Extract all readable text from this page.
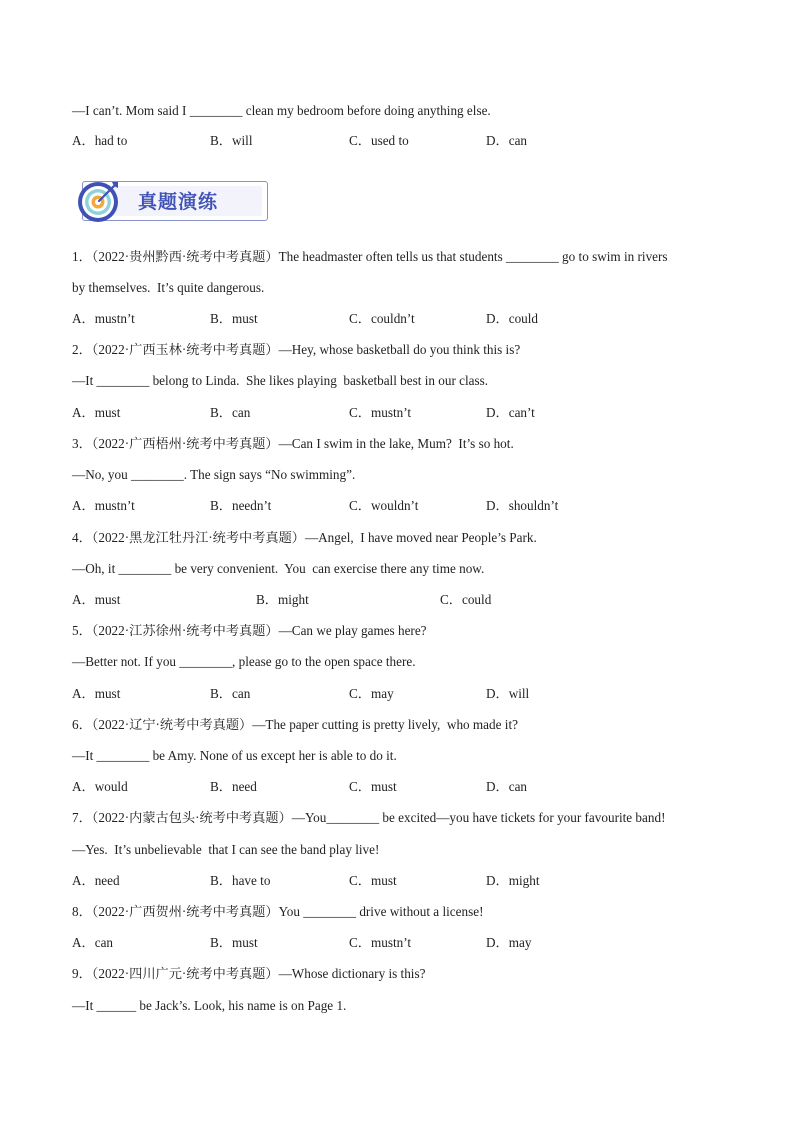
—I can’t. Mom said I ________ clean my bedroom before doing anything else.
A．had to	B．will	C．used to	D．can
真题演练
1．（2022·贵州黔西·统考中考真题）The headmaster often tells us that students ________ go to swim in rivers
by themselves.  It’s quite dangerous.
A．mustn’t	B．must	C．couldn’t	D．could
2．（2022·广西玉林·统考中考真题）—Hey, whose basketball do you think this is?
—It ________ belong to Linda.  She likes playing  basketball best in our class.
A．must	B．can	C．mustn’t	D．can’t
3．（2022·广西梧州·统考中考真题）—Can I swim in the lake, Mum?  It’s so hot.
—No, you ________. The sign says “No swimming”.
A．mustn’t	B．needn’t	C．wouldn’t	D．shouldn’t
4．（2022·黑龙江牡丹江·统考中考真题）—Angel,  I have moved near People’s Park.
—Oh, it ________ be very convenient.  You  can exercise there any time now.
A．must	B．might	C．could
5．（2022·江苏徐州·统考中考真题）—Can we play games here?
—Better not. If you ________, please go to the open space there.
A．must	B．can	C．may	D．will
6．（2022·辽宁·统考中考真题）—The paper cutting is pretty lively,  who made it?
—It ________ be Amy. None of us except her is able to do it.
A．would	B．need	C．must	D．can
7．（2022·内蒙古包头·统考中考真题）—You________ be excited—you have tickets for your favourite band!
—Yes.  It’s unbelievable  that I can see the band play live!
A．need	B．have to	C．must	D．might
8．（2022·广西贺州·统考中考真题）You ________ drive without a license!
A．can	B．must	C．mustn’t	D．may
9．（2022·四川广元·统考中考真题）—Whose dictionary is this?
—It ______ be Jack’s. Look, his name is on Page 1.
